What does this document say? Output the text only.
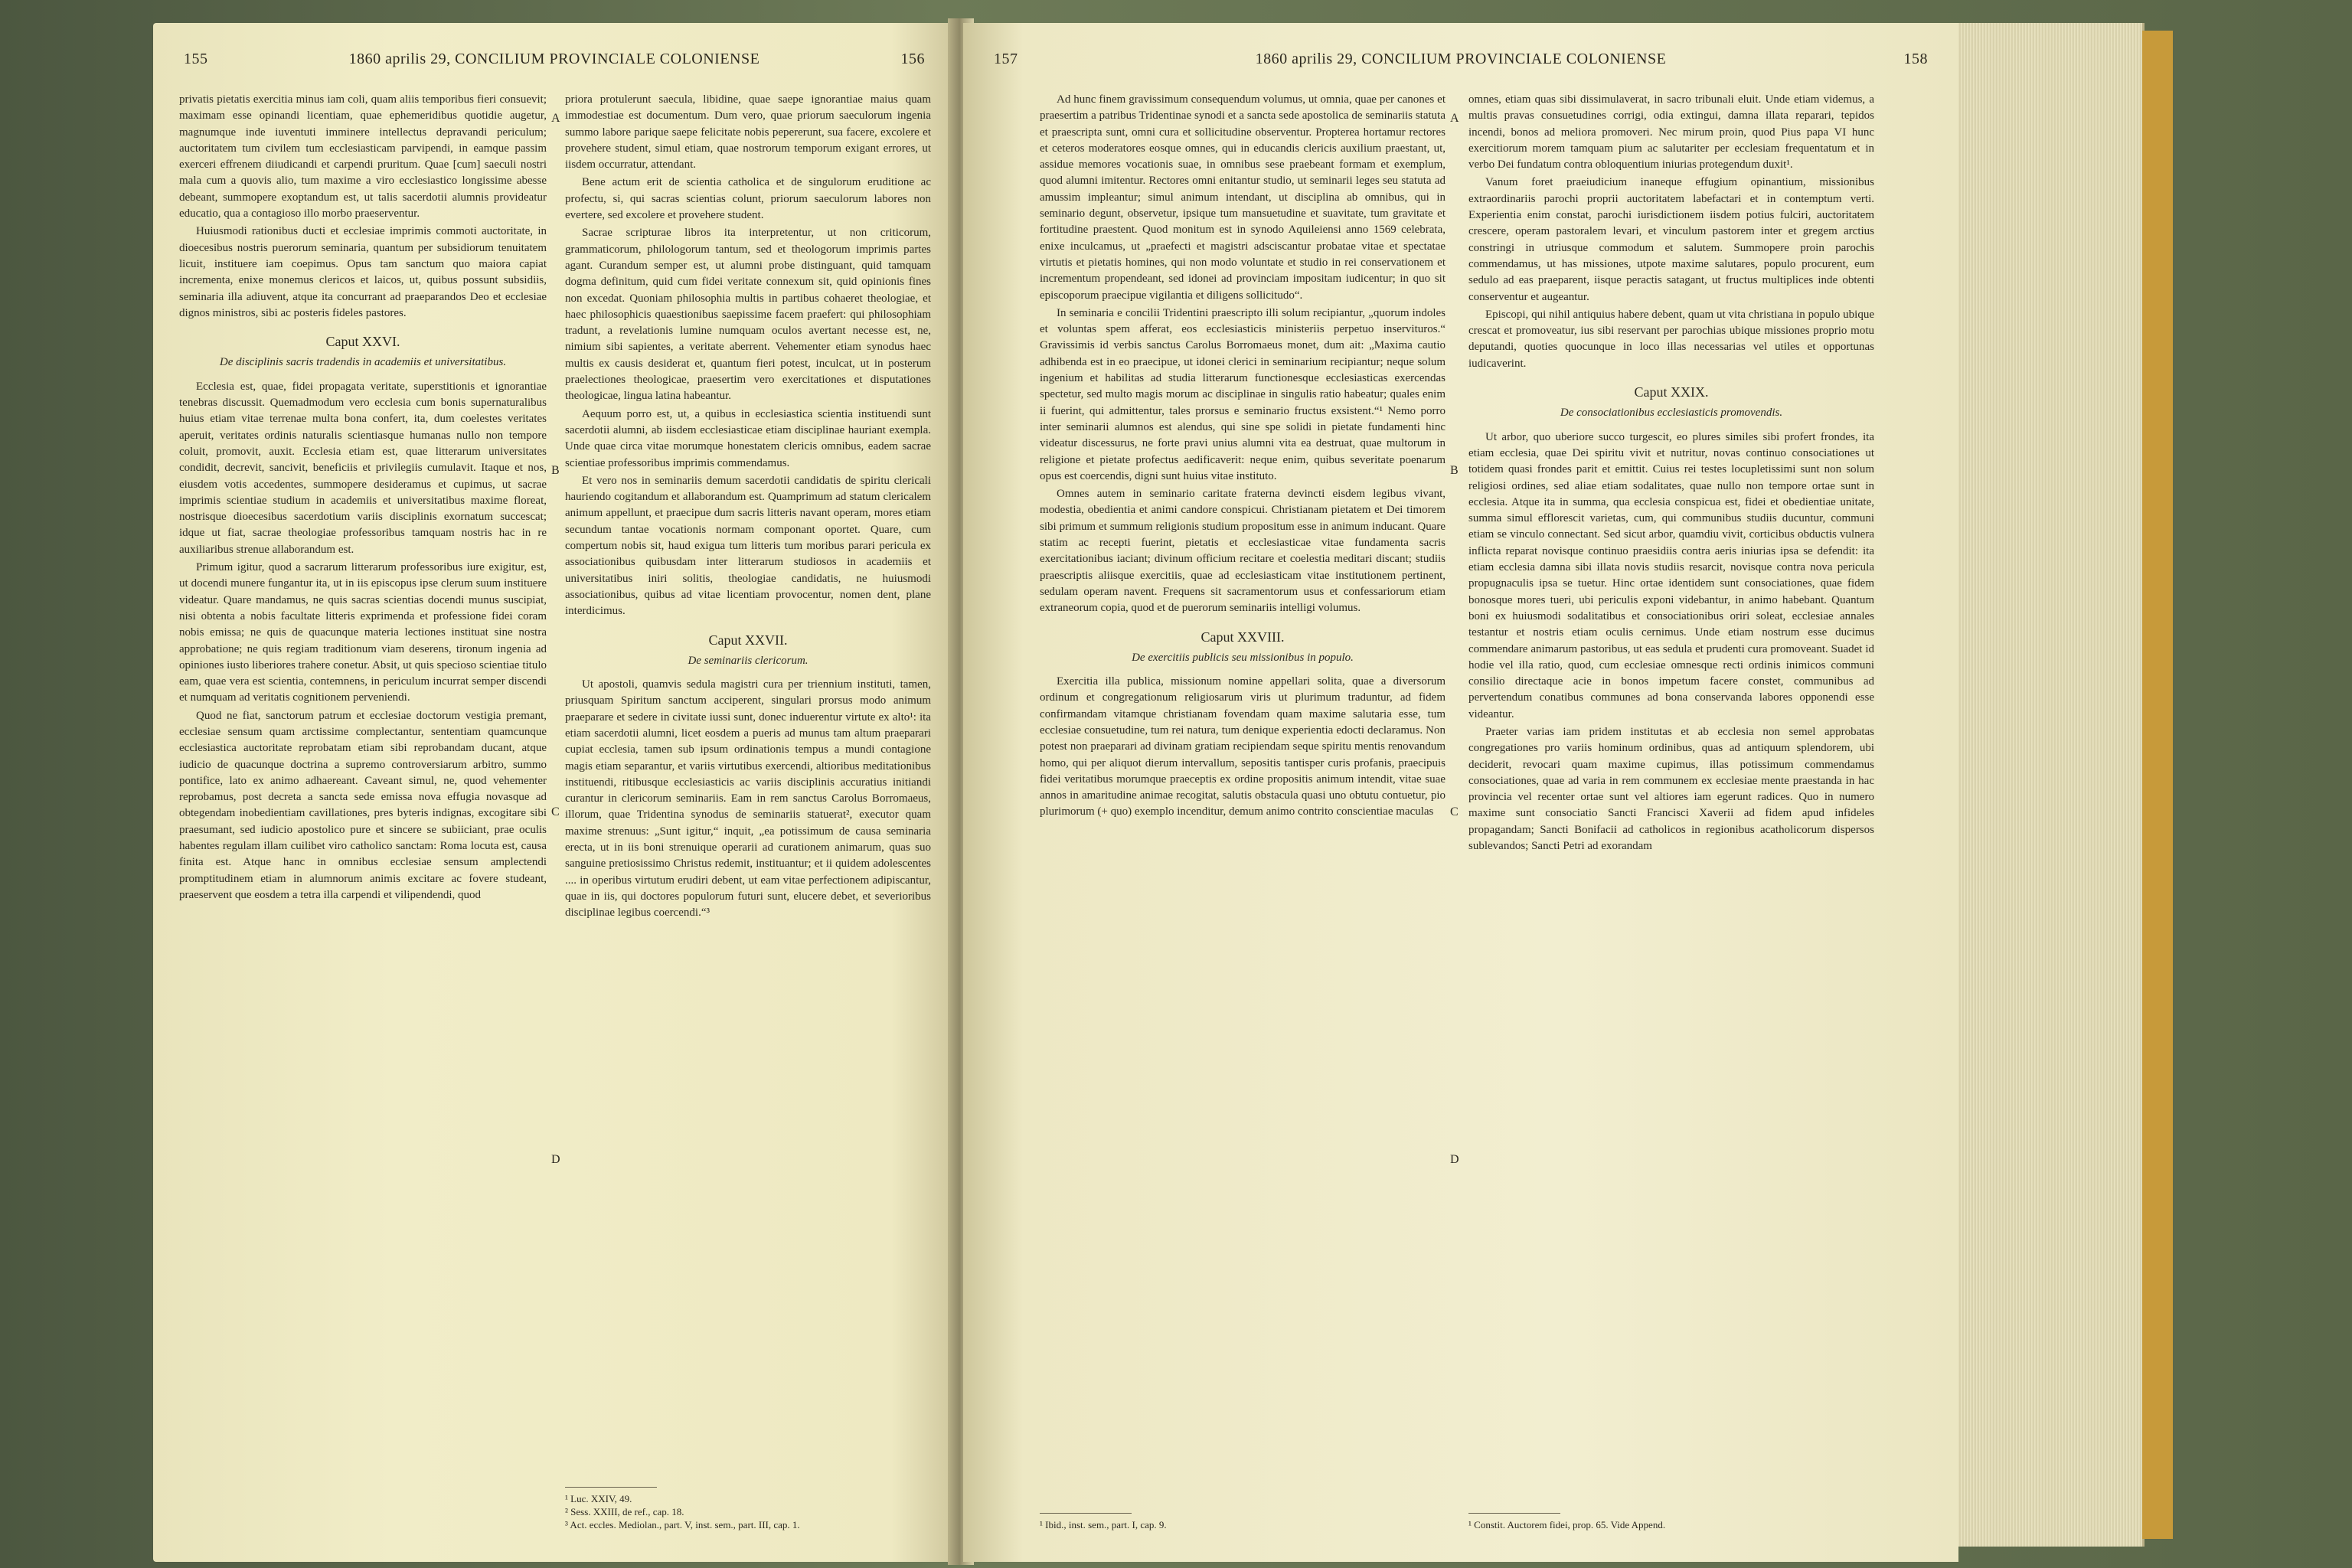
155	1860 aprilis 29, CONCILIUM PROVINCIALE COLONIENSE	156

privatis pietatis exercitia minus iam coli, quam aliis temporibus fieri consuevit; maximam esse opinandi licentiam, quae ephemeridibus quotidie augetur, magnumque inde iuventuti imminere intellectus depravandi periculum; auctoritatem tum civilem tum ecclesiasticam parvipendi, in eamque passim exerceri effrenem diiudicandi et carpendi pruritum. Quae [cum] saeculi nostri mala cum a quovis alio, tum maxime a viro ecclesiastico longissime abesse debeant, summopere exoptandum est, ut talis sacerdotii alumnis provideatur educatio, qua a contagioso illo morbo praeserventur.

Huiusmodi rationibus ducti et ecclesiae imprimis commoti auctoritate, in dioecesibus nostris puerorum seminaria, quantum per subsidiorum tenuitatem licuit, instituere iam coepimus. Opus tam sanctum quo maiora capiat incrementa, enixe monemus clericos et laicos, ut, quibus possunt subsidiis, seminaria illa adiuvent, atque ita concurrant ad praeparandos Deo et ecclesiae dignos ministros, sibi ac posteris fideles pastores.

Caput XXVI.
De disciplinis sacris tradendis in academiis et universitatibus.

Ecclesia est, quae, fidei propagata veritate, superstitionis et ignorantiae tenebras discussit. Quemadmodum vero ecclesia cum bonis supernaturalibus huius etiam vitae terrenae multa bona confert, ita, dum coelestes veritates aperuit, veritates ordinis naturalis scientiasque humanas nullo non tempore coluit, promovit, auxit. Ecclesia etiam est, quae litterarum universitates condidit, decrevit, sancivit, beneficiis et privilegiis cumulavit. Itaque et nos, eiusdem votis accedentes, summopere desideramus et cupimus, ut sacrae imprimis scientiae studium in academiis et universitatibus maxime floreat, nostrisque dioecesibus sacerdotium variis disciplinis exornatum succescat; idque ut fiat, sacrae theologiae professoribus tamquam nostris hac in re auxiliaribus strenue allaborandum est.

Primum igitur, quod a sacrarum litterarum professoribus iure exigitur, est, ut docendi munere fungantur ita, ut in iis episcopus ipse clerum suum instituere videatur. Quare mandamus, ne quis sacras scientias docendi munus suscipiat, nisi obtenta a nobis facultate litteris exprimenda et professione fidei coram nobis emissa; ne quis de quacunque materia lectiones instituat sine nostra approbatione; ne quis regiam traditionum viam deserens, tironum ingenia ad opiniones iusto liberiores trahere conetur. Absit, ut quis specioso scientiae titulo eam, quae vera est scientia, contemnens, in periculum incurrat semper discendi et numquam ad veritatis cognitionem perveniendi.

Quod ne fiat, sanctorum patrum et ecclesiae doctorum vestigia premant, ecclesiae sensum quam arctissime complectantur, sententiam quamcunque ecclesiastica auctoritate reprobatam etiam sibi reprobandam ducant, atque iudicio de quacunque doctrina a supremo controversiarum arbitro, summo pontifice, lato ex animo adhaereant. Caveant simul, ne, quod vehementer reprobamus, post decreta a sancta sede emissa nova effugia novasque ad obtegendam inobedientiam cavillationes, pres byteris indignas, excogitare sibi praesumant, sed iudicio apostolico pure et sincere se subiiciant, prae oculis habentes regulam illam cuilibet viro catholico sanctam: Roma locuta est, causa finita est. Atque hanc in omnibus ecclesiae sensum amplectendi promptitudinem etiam in alumnorum animis excitare ac fovere studeant, praeservent que eosdem a tetra illa carpendi et vilipendendi, quod

A
B
C
D

priora protulerunt saecula, libidine, quae saepe ignorantiae maius quam immodestiae est documentum. Dum vero, quae priorum saeculorum ingenia summo labore parique saepe felicitate nobis pepererunt, sua facere, excolere et provehere student, simul etiam, quae nostrorum temporum exigant errores, ut iisdem occurratur, attendant.

Bene actum erit de scientia catholica et de singulorum eruditione ac profectu, si, qui sacras scientias colunt, priorum saeculorum labores non evertere, sed excolere et provehere student.

Sacrae scripturae libros ita interpretentur, ut non criticorum, grammaticorum, philologorum tantum, sed et theologorum imprimis partes agant. Curandum semper est, ut alumni probe distinguant, quid tamquam dogma definitum, quid cum fidei veritate connexum sit, quid opinionis fines non excedat. Quoniam philosophia multis in partibus cohaeret theologiae, et haec philosophicis quaestionibus saepissime facem praefert: qui philosophiam tradunt, a revelationis lumine numquam oculos avertant necesse est, ne, nimium sibi sapientes, a veritate aberrent. Vehementer etiam synodus haec multis ex causis desiderat et, quantum fieri potest, inculcat, ut in posterum praelectiones theologicae, praesertim vero exercitationes et disputationes theologicae, lingua latina habeantur.

Aequum porro est, ut, a quibus in ecclesiastica scientia instituendi sunt sacerdotii alumni, ab iisdem ecclesiasticae etiam disciplinae hauriant exempla. Unde quae circa vitae morumque honestatem clericis omnibus, eadem sacrae scientiae professoribus imprimis commendamus.

Et vero nos in seminariis demum sacerdotii candidatis de spiritu clericali hauriendo cogitandum et allaborandum est. Quamprimum ad statum clericalem animum appellunt, et praecipue dum sacris litteris navant operam, mores etiam secundum tantae vocationis normam componant oportet. Quare, cum compertum nobis sit, haud exigua tum litteris tum moribus parari pericula ex associationibus quibusdam inter litterarum studiosos in academiis et universitatibus iniri solitis, theologiae candidatis, ne huiusmodi associationibus, quibus ad vitae licentiam provocentur, nomen dent, plane interdicimus.

Caput XXVII.
De seminariis clericorum.

Ut apostoli, quamvis sedula magistri cura per triennium instituti, tamen, priusquam Spiritum sanctum acciperent, singulari prorsus modo animum praeparare et sedere in civitate iussi sunt, donec induerentur virtute ex alto¹: ita etiam sacerdotii alumni, licet eosdem a pueris ad munus tam altum praeparari cupiat ecclesia, tamen sub ipsum ordinationis tempus a mundi contagione magis etiam separantur, et variis virtutibus exercendi, altioribus meditationibus instituendi, ritibusque ecclesiasticis ac variis disciplinis accuratius initiandi curantur in clericorum seminariis. Eam in rem sanctus Carolus Borromaeus, illorum, quae Tridentina synodus de seminariis statuerat², executor quam maxime strenuus: „Sunt igitur,“ inquit, „ea potissimum de causa seminaria erecta, ut in iis boni strenuique operarii ad curationem animarum, quas suo sanguine pretiosissimo Christus redemit, instituantur; et ii quidem adolescentes .... in operibus virtutum erudiri debent, ut eam vitae perfectionem adipiscantur, quae in iis, qui doctores populorum futuri sunt, elucere debet, et severioribus disciplinae legibus coercendi.“³

¹ Luc. XXIV, 49.
² Sess. XXIII, de ref., cap. 18.
³ Act. eccles. Mediolan., part. V, inst. sem., part. III, cap. 1.
157	1860 aprilis 29, CONCILIUM PROVINCIALE COLONIENSE	158

Ad hunc finem gravissimum consequendum volumus, ut omnia, quae per canones et praesertim a patribus Tridentinae synodi et a sancta sede apostolica de seminariis statuta et praescripta sunt, omni cura et sollicitudine observentur. Propterea hortamur rectores et ceteros moderatores eosque omnes, qui in educandis clericis auxilium praestant, ut, assidue memores vocationis suae, in omnibus sese praebeant formam et exemplum, quod alumni imitentur. Rectores omni enitantur studio, ut seminarii leges seu statuta ad amussim impleantur; simul animum intendant, ut disciplina ab omnibus, qui in seminario degunt, observetur, ipsique tum mansuetudine et suavitate, tum gravitate et fortitudine praestent. Quod monitum est in synodo Aquileiensi anno 1569 celebrata, enixe inculcamus, ut „praefecti et magistri adsciscantur probatae vitae et spectatae virtutis et pietatis homines, qui non modo voluntate et studio in rei conservationem et incrementum propendeant, sed idonei ad provinciam impositam iudicentur; in quo sit episcoporum praecipue vigilantia et diligens sollicitudo“.

In seminaria e concilii Tridentini praescripto illi solum recipiantur, „quorum indoles et voluntas spem afferat, eos ecclesiasticis ministeriis perpetuo inservituros.“ Gravissimis id verbis sanctus Carolus Borromaeus monet, dum ait: „Maxima cautio adhibenda est in eo praecipue, ut idonei clerici in seminarium recipiantur; neque solum ingenium et habilitas ad studia litterarum functionesque ecclesiasticas exercendas spectetur, sed multo magis morum ac disciplinae in singulis ratio habeatur; quales enim ii fuerint, qui admittentur, tales prorsus e seminario fructus exsistent.“¹ Nemo porro inter seminarii alumnos est alendus, qui sine spe solidi in pietate fundamenti hinc videatur discessurus, ne forte pravi unius alumni vita ea destruat, quae multorum in religione et pietate profectus aedificaverit: neque enim, quibus severitate poenarum opus est coercendis, digni sunt huius vitae instituto.

Omnes autem in seminario caritate fraterna devincti eisdem legibus vivant, modestia, obedientia et animi candore conspicui. Christianam pietatem et Dei timorem sibi primum et summum religionis studium propositum esse in animum inducant. Quare statim ac recepti fuerint, pietatis et ecclesiasticae vitae fundamenta sacris exercitationibus iaciant; divinum officium recitare et coelestia meditari discant; studiis praescriptis aliisque exercitiis, quae ad ecclesiasticam vitae institutionem pertinent, sedulam operam navent. Frequens sit sacramentorum usus et confessariorum etiam extraneorum copia, quod et de puerorum seminariis intelligi volumus.

Caput XXVIII.
De exercitiis publicis seu missionibus in populo.

Exercitia illa publica, missionum nomine appellari solita, quae a diversorum ordinum et congregationum religiosarum viris ut plurimum traduntur, ad fidem confirmandam vitamque christianam fovendam quam maxime salutaria esse, tum ecclesiae consuetudine, tum rei natura, tum denique experientia edocti declaramus. Non potest non praeparari ad divinam gratiam recipiendam seque spiritu mentis renovandum homo, qui per aliquot dierum intervallum, sepositis tantisper curis profanis, praecipuis fidei veritatibus morumque praeceptis ex ordine propositis animum intendit, vitae suae annos in amaritudine animae recogitat, salutis obstacula quasi uno obtutu contuetur, pio plurimorum (+ quo) exemplo incenditur, demum animo contrito conscientiae maculas

A
B
C
D

omnes, etiam quas sibi dissimulaverat, in sacro tribunali eluit. Unde etiam videmus, a multis pravas consuetudines corrigi, odia extingui, damna illata reparari, tepidos incendi, bonos ad meliora promoveri. Nec mirum proin, quod Pius papa VI hunc exercitiorum morem tamquam pium ac salutariter per ecclesiam frequentatum et in verbo Dei fundatum contra obloquentium iniurias protegendum duxit¹.

Vanum foret praeiudicium inaneque effugium opinantium, missionibus extraordinariis parochi proprii auctoritatem labefactari et in contemptum verti. Experientia enim constat, parochi iurisdictionem iisdem potius fulciri, auctoritatem crescere, operam pastoralem levari, et vinculum pastorem inter et gregem arctius constringi in utriusque commodum et salutem. Summopere proin parochis commendamus, ut has missiones, utpote maxime salutares, populo procurent, eum sedulo ad eas praeparent, iisque peractis satagant, ut fructus multiplices inde obtenti conserventur et augeantur.

Episcopi, qui nihil antiquius habere debent, quam ut vita christiana in populo ubique crescat et promoveatur, ius sibi reservant per parochias ubique missiones proprio motu deputandi, quoties quocunque in loco illas necessarias vel utiles et opportunas iudicaverint.

Caput XXIX.
De consociationibus ecclesiasticis promovendis.

Ut arbor, quo uberiore succo turgescit, eo plures similes sibi profert frondes, ita etiam ecclesia, quae Dei spiritu vivit et nutritur, novas continuo consociationes ut totidem quasi frondes parit et emittit. Cuius rei testes locupletissimi sunt non solum religiosi ordines, sed aliae etiam sodalitates, quae nullo non tempore ortae sunt in ecclesia. Atque ita in summa, qua ecclesia conspicua est, fidei et obedientiae unitate, summa simul efflorescit varietas, cum, qui communibus studiis ducuntur, communi etiam se vinculo connectant. Sed sicut arbor, quamdiu vivit, corticibus obductis vulnera inflicta reparat novisque continuo praesidiis contra aeris iniurias ipsa se defendit: ita etiam ecclesia damna sibi illata novis studiis resarcit, novisque contra nova pericula propugnaculis ipsa se tuetur. Hinc ortae identidem sunt consociationes, quae fidem bonosque mores tueri, ubi periculis exponi videbantur, in animo habebant. Quantum boni ex huiusmodi sodalitatibus et consociationibus oriri soleat, ecclesiae annales testantur et nostris etiam oculis cernimus. Unde etiam nostrum esse ducimus commendare animarum pastoribus, ut eas sedula et prudenti cura promoveant. Suadet id hodie vel illa ratio, quod, cum ecclesiae omnesque recti ordinis inimicos communi consilio directaque acie in bonos impetum facere constet, communibus ad pervertendum conatibus communes ad bona conservanda labores opponendi esse videantur.

Praeter varias iam pridem institutas et ab ecclesia non semel approbatas congregationes pro variis hominum ordinibus, quas ad antiquum splendorem, ubi deciderit, revocari quam maxime cupimus, illas potissimum commendamus consociationes, quae ad varia in rem communem ex ecclesiae mente praestanda in hac provincia vel recenter ortae sunt vel altiores iam egerunt radices. Quo in numero maxime sunt consociatio Sancti Francisci Xaverii ad fidem apud infideles propagandam; Sancti Bonifacii ad catholicos in regionibus acatholicorum dispersos sublevandos; Sancti Petri ad exorandam

¹ Ibid., inst. sem., part. I, cap. 9.	¹ Constit. Auctorem fidei, prop. 65. Vide Append.
